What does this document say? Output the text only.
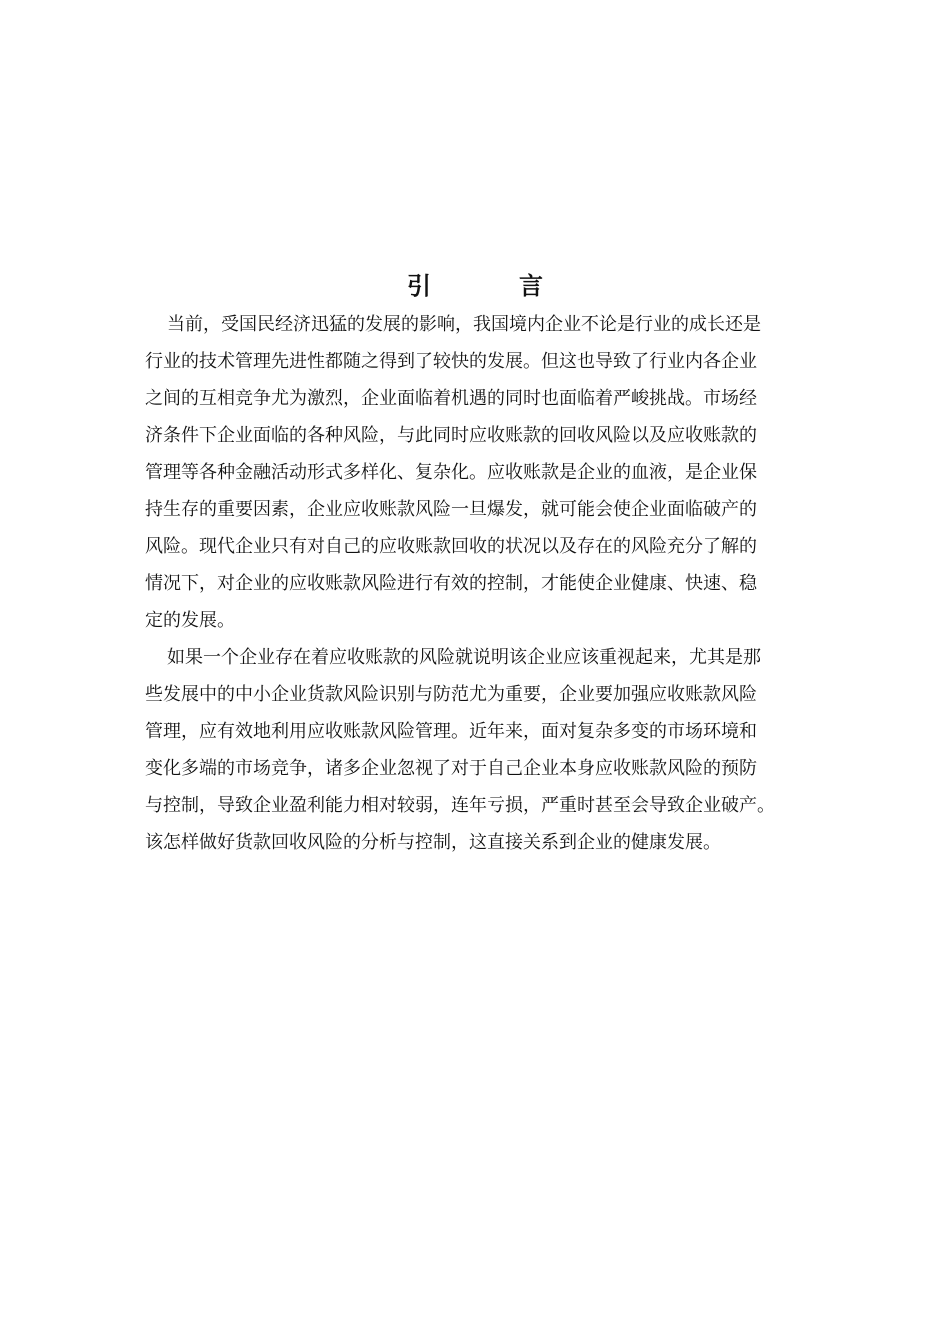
引	言
当前，受国民经济迅猛的发展的影响，我国境内企业不论是行业的成长还是
行业的技术管理先进性都随之得到了较快的发展。但这也导致了行业内各企业
之间的互相竞争尤为激烈，企业面临着机遇的同时也面临着严峻挑战。市场经
济条件下企业面临的各种风险，与此同时应收账款的回收风险以及应收账款的
管理等各种金融活动形式多样化、复杂化。应收账款是企业的血液，是企业保
持生存的重要因素，企业应收账款风险一旦爆发，就可能会使企业面临破产的
风险。现代企业只有对自己的应收账款回收的状况以及存在的风险充分了解的
情况下，对企业的应收账款风险进行有效的控制，才能使企业健康、快速、稳
定的发展。
如果一个企业存在着应收账款的风险就说明该企业应该重视起来，尤其是那
些发展中的中小企业货款风险识别与防范尤为重要，企业要加强应收账款风险
管理，应有效地利用应收账款风险管理。近年来，面对复杂多变的市场环境和
变化多端的市场竞争，诸多企业忽视了对于自己企业本身应收账款风险的预防
与控制，导致企业盈利能力相对较弱，连年亏损，严重时甚至会导致企业破产。
该怎样做好货款回收风险的分析与控制，这直接关系到企业的健康发展。
